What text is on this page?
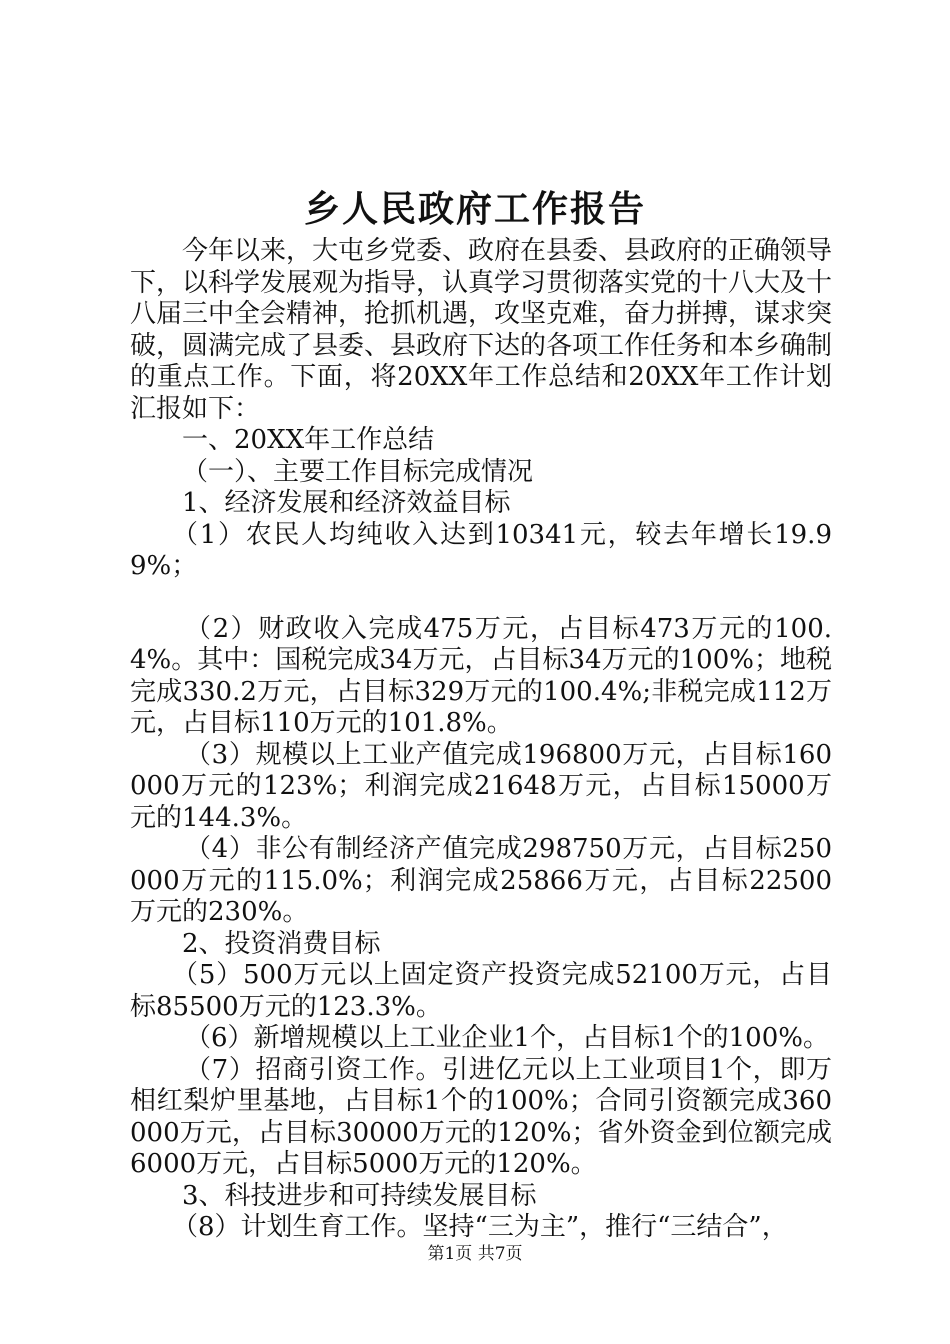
乡人民政府工作报告

今年以来，大屯乡党委、政府在县委、县政府的正确领导下，以科学发展观为指导，认真学习贯彻落实党的十八大及十八届三中全会精神，抢抓机遇，攻坚克难，奋力拼搏，谋求突破，圆满完成了县委、县政府下达的各项工作任务和本乡确制的重点工作。下面，将20XX年工作总结和20XX年工作计划汇报如下：

一、20XX年工作总结

（一）、主要工作目标完成情况

1、经济发展和经济效益目标

（1）农民人均纯收入达到10341元，较去年增长19.99%；

（2）财政收入完成475万元，占目标473万元的100.4%。其中：国税完成34万元，占目标34万元的100%；地税完成330.2万元，占目标329万元的100.4%;非税完成112万元，占目标110万元的101.8%。

（3）规模以上工业产值完成196800万元，占目标160000万元的123%；利润完成21648万元，占目标15000万元的144.3%。

（4）非公有制经济产值完成298750万元，占目标250000万元的115.0%；利润完成25866万元，占目标22500万元的230%。

2、投资消费目标

（5）500万元以上固定资产投资完成52100万元，占目标85500万元的123.3%。

（6）新增规模以上工业企业1个，占目标1个的100%。

（7）招商引资工作。引进亿元以上工业项目1个，即万相红梨炉里基地，占目标1个的100%；合同引资额完成360000万元，占目标30000万元的120%；省外资金到位额完成6000万元，占目标5000万元的120%。

3、科技进步和可持续发展目标

（8）计划生育工作。坚持“三为主”，推行“三结合”，

第1页 共7页
